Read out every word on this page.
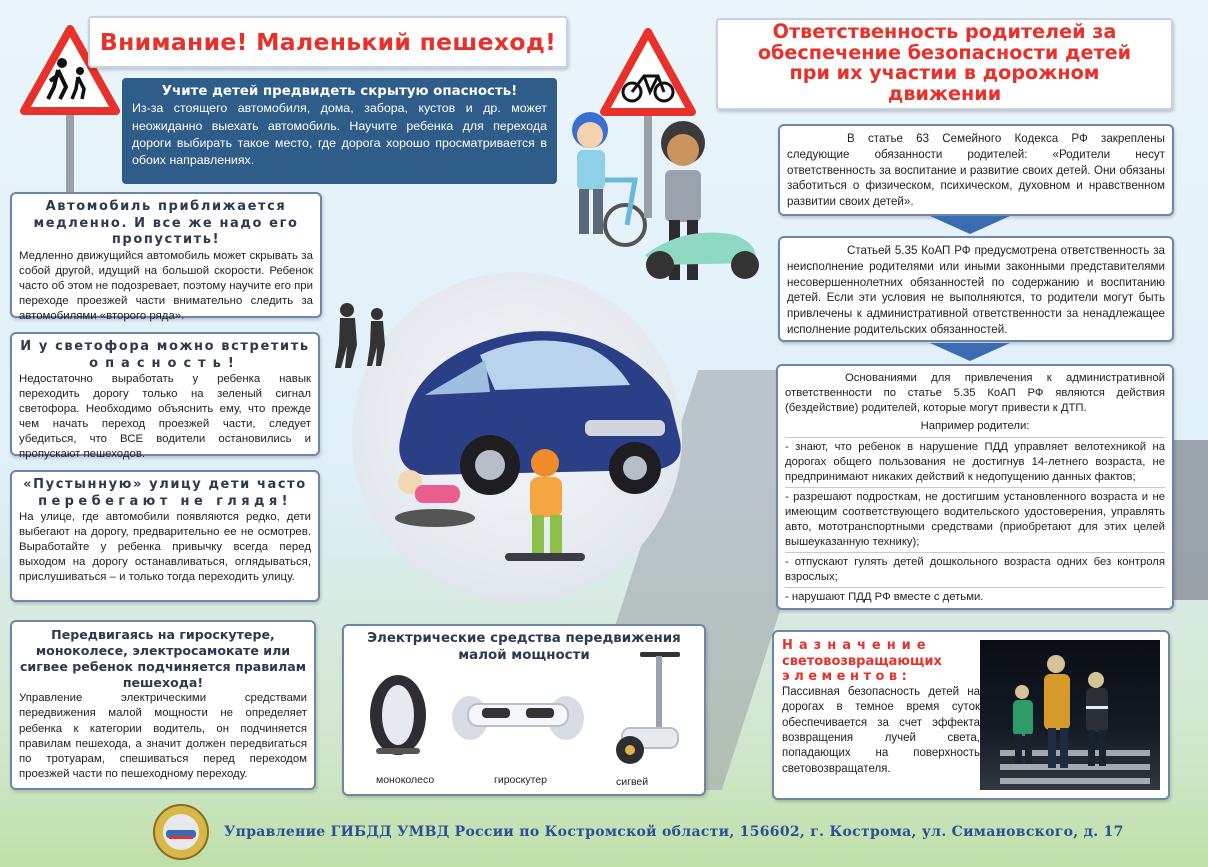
Внимание! Маленький пешеход!
Учите детей предвидеть скрытую опасность!

Из-за стоящего автомобиля, дома, забора, кустов и др. может неожиданно выехать автомобиль. Научите ребенка для перехода дороги выбирать такое место, где дорога хорошо просматривается в обоих направлениях.

Автомобиль приближается медленно. И все же надо его пропустить!

Медленно движущийся автомобиль может скрывать за собой другой, идущий на большой скорости. Ребенок часто об этом не подозревает, поэтому научите его при переходе проезжей части внимательно следить за автомобилями «второго ряда».

И у светофора можно встретить
опасность!

Недостаточно выработать у ребенка навык переходить дорогу только на зеленый сигнал светофора. Необходимо объяснить ему, что прежде чем начать переход проезжей части, следует убедиться, что ВСЕ водители остановились и пропускают пешеходов.

«Пустынную» улицу дети часто
перебегают не глядя!

На улице, где автомобили появляются редко, дети выбегают на дорогу, предварительно ее не осмотрев. Выработайте у ребенка привычку всегда перед выходом на дорогу останавливаться, оглядываться, прислушиваться – и только тогда переходить улицу.

Передвигаясь на гироскутере, моноколесе, электросамокате или сигвее ребенок подчиняется правилам пешехода!

Управление электрическими средствами передвижения малой мощности не определяет ребенка к категории водитель, он подчиняется правилам пешехода, а значит должен передвигаться по тротуарам, спешиваться перед переходом проезжей части по пешеходному переходу.

Электрические средства передвижения малой мощности
моноколесо	гироскутер	сигвей
Ответственность родителей за обеспечение безопасности детей при их участии в дорожном движении

В статье 63 Семейного Кодекса РФ закреплены следующие обязанности родителей: «Родители несут ответственность за воспитание и развитие своих детей. Они обязаны заботиться о физическом, психическом, духовном и нравственном развитии своих детей».

Статьей 5.35 КоАП РФ предусмотрена ответственность за неисполнение родителями или иными законными представителями несовершеннолетних обязанностей по содержанию и воспитанию детей. Если эти условия не выполняются, то родители могут быть привлечены к административной ответственности за ненадлежащее исполнение родительских обязанностей.

Основаниями для привлечения к административной ответственности по статье 5.35 КоАП РФ являются действия (бездействие) родителей, которые могут привести к ДТП.

Например родители:

- знают, что ребенок в нарушение ПДД управляет велотехникой на дорогах общего пользования не достигнув 14-летнего возраста, не предпринимают никаких действий к недопущению данных фактов;

- разрешают подросткам, не достигшим установленного возраста и не имеющим соответствующего водительского удостоверения, управлять авто, мототранспортными средствами (приобретают для этих целей вышеуказанную технику);

- отпускают гулять детей дошкольного возраста одних без контроля взрослых;

- нарушают ПДД РФ вместе с детьми.

Назначение
световозвращающих
элементов:

Пассивная безопасность детей на дорогах в темное время суток обеспечивается за счет эффекта возвращения лучей света, попадающих на поверхность световозвращателя.

Управление ГИБДД УМВД России по Костромской области, 156602, г. Кострома, ул. Симановского, д. 17
